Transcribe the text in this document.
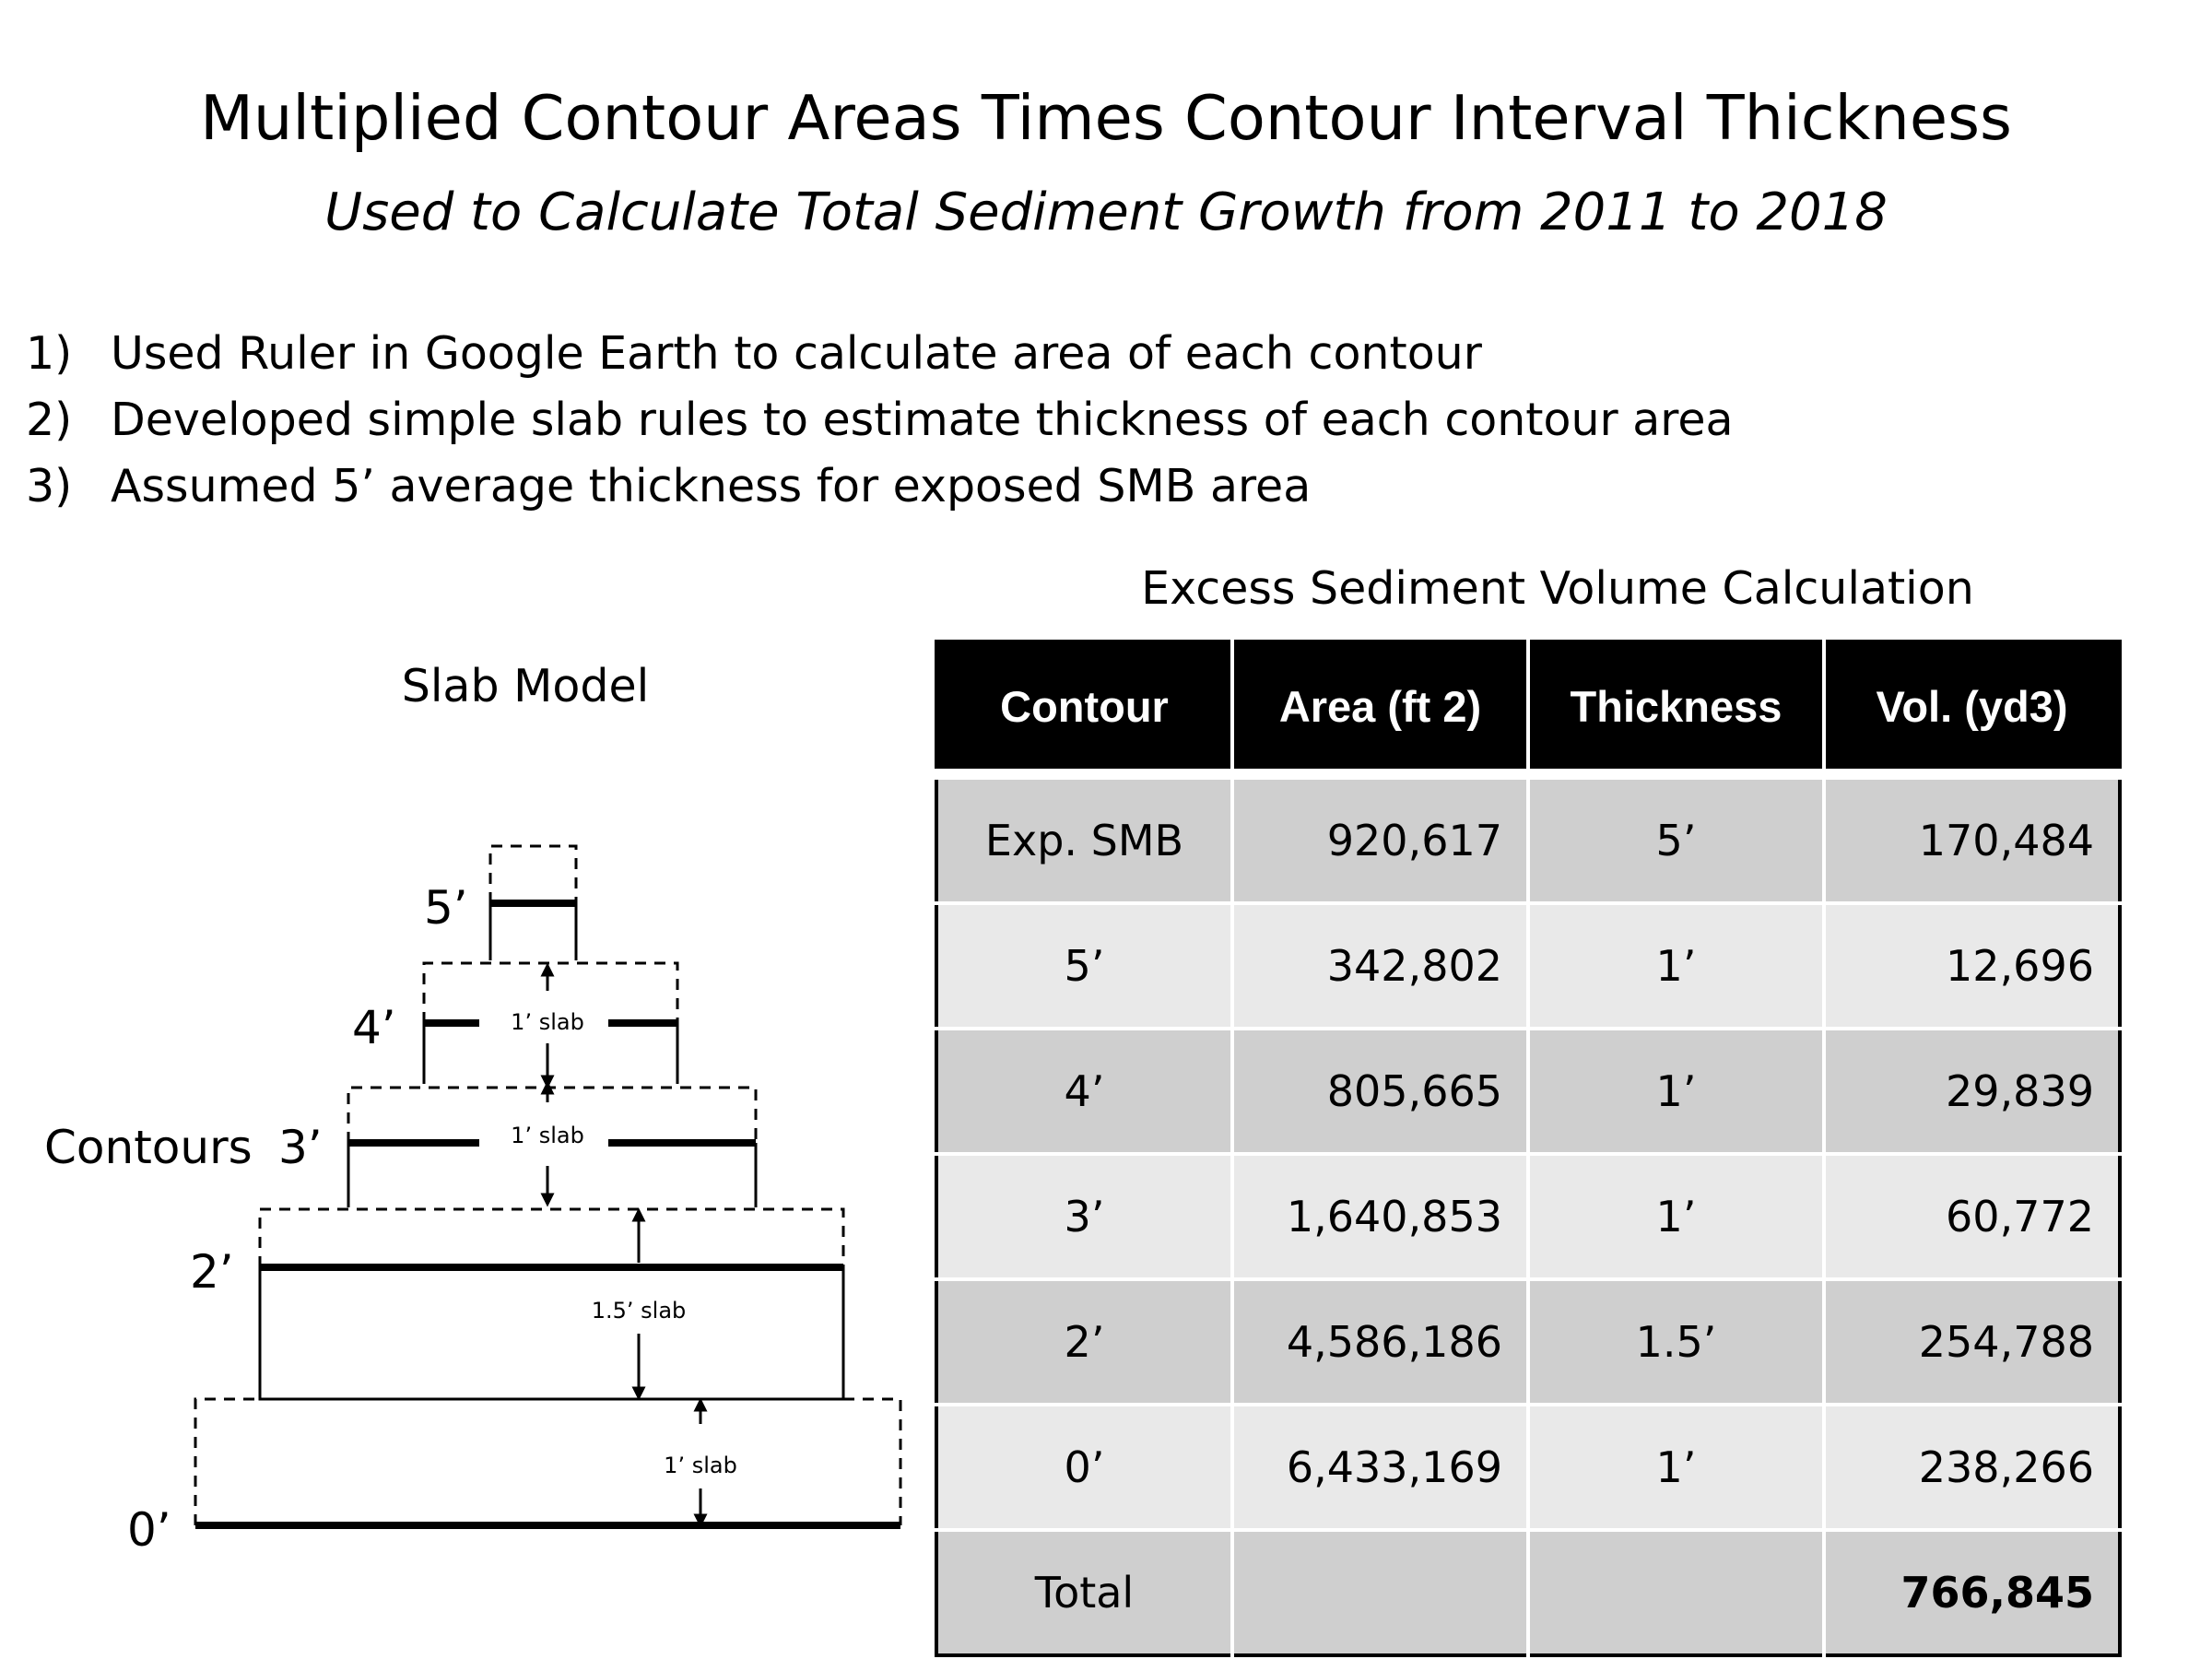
Multiplied Contour Areas Times Contour Interval Thickness
Used to Calculate Total Sediment Growth from 2011 to 2018
1) Used Ruler in Google Earth to calculate area of each contour
2) Developed simple slab rules to estimate thickness of each contour area
3) Assumed 5’ average thickness for exposed SMB area
Slab Model
1’ slab
1’ slab
1.5’ slab
1’ slab
5’
4’
Contours 3’
2’
0’
Excess Sediment Volume Calculation
Contour	Area (ft 2)	Thickness	Vol. (yd3)
Exp. SMB	920,617	5’	170,484
5’	342,802	1’	12,696
4’	805,665	1’	29,839
3’	1,640,853	1’	60,772
2’	4,586,186	1.5’	254,788
0’	6,433,169	1’	238,266
Total			766,845
